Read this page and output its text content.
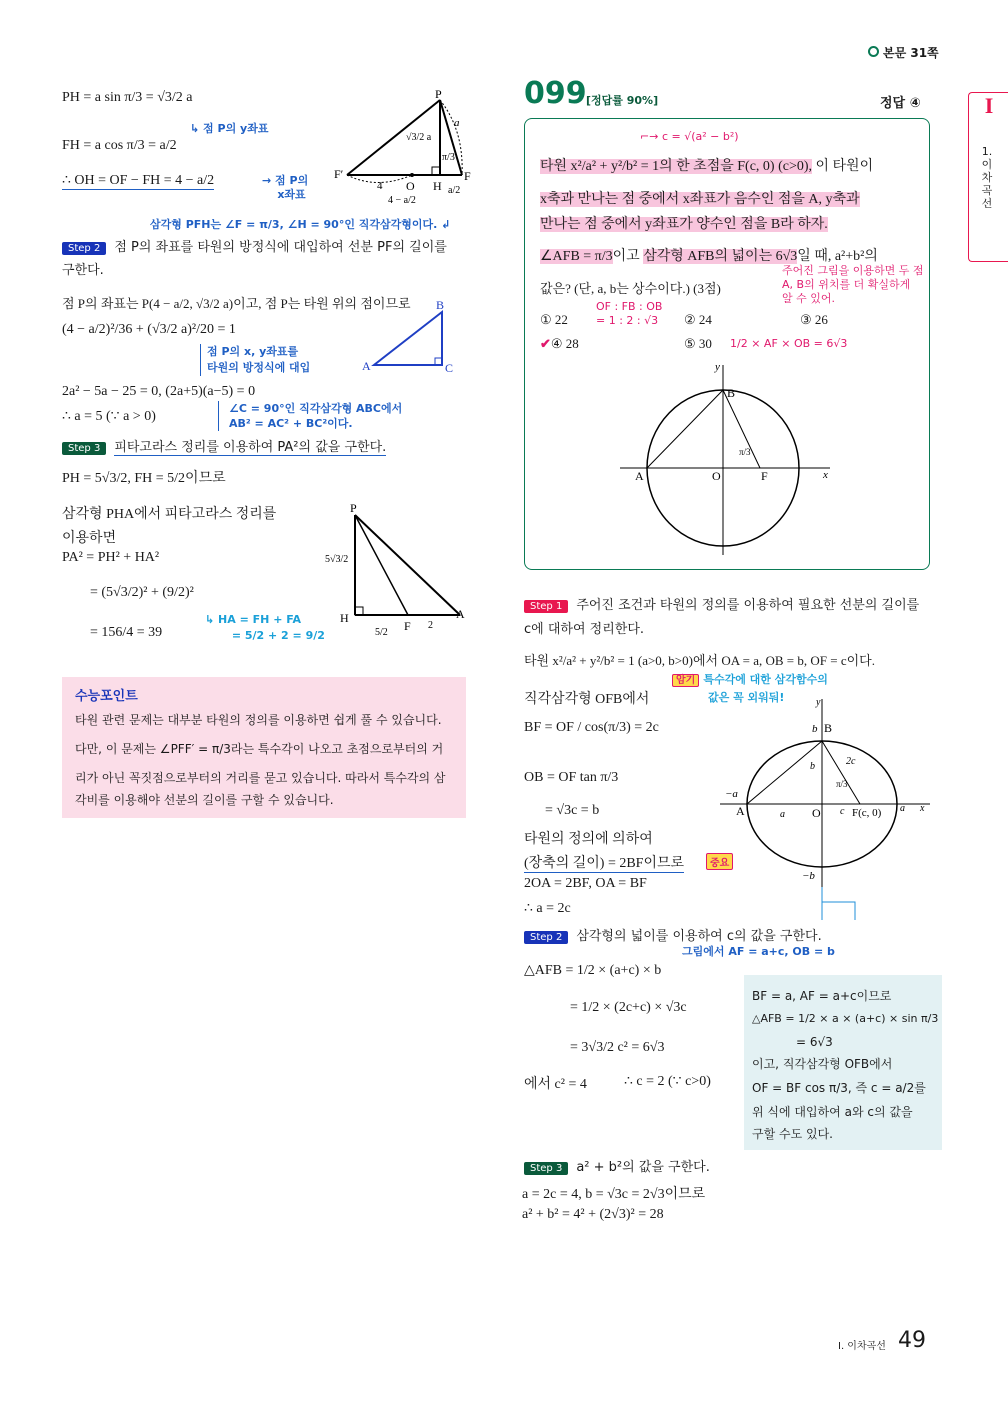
본문 31쪽
I
1. 이차곡선
PH = a sin π/3 = √3/2 a
↳ 점 P의 y좌표
FH = a cos π/3 = a/2
∴ OH = OF − FH = 4 − a/2	→ 점 P의
x좌표
P
F′	F
O H
4
a
√3/2 a
π/3
a/2
4 − a/2
삼각형 PFH는 ∠F = π/3, ∠H = 90°인 직각삼각형이다. ↲
Step 2 점 P의 좌표를 타원의 방정식에 대입하여 선분 PF의 길이를
구한다.
점 P의 좌표는 P(4 − a/2, √3/2 a)이고, 점 P는 타원 위의 점이므로
(4 − a/2)²/36 + (√3/2 a)²/20 = 1
점 P의 x, y좌표를
타원의 방정식에 대입	A
B
C
2a² − 5a − 25 = 0, (2a+5)(a−5) = 0
∴ a = 5 (∵ a > 0)
∠C = 90°인 직각삼각형 ABC에서
AB² = AC² + BC²이다.
Step 3 피타고라스 정리를 이용하여 PA²의 값을 구한다.
PH = 5√3/2, FH = 5/2이므로
삼각형 PHA에서 피타고라스 정리를
이용하면
PA² = PH² + HA²
= (5√3/2)² + (9/2)²
= 156/4 = 39
↳ HA = FH + FA
= 5/2 + 2 = 9/2
P
H
F
A
5√3/2
5/2
2
수능포인트
타원 관련 문제는 대부분 타원의 정의를 이용하면 쉽게 풀 수 있습니다.
다만, 이 문제는 ∠PFF′ = π/3라는 특수각이 나오고 초점으로부터의 거
리가 아닌 꼭짓점으로부터의 거리를 묻고 있습니다. 따라서 특수각의 삼
각비를 이용해야 선분의 길이를 구할 수 있습니다.
099 [정답률 90%]	정답 ④
⌐→ c = √(a² − b²)
타원 x²/a² + y²/b² = 1의 한 초점을 F(c, 0) (c>0), 이 타원이
x축과 만나는 점 중에서 x좌표가 음수인 점을 A, y축과
만나는 점 중에서 y좌표가 양수인 점을 B라 하자.
∠AFB = π/3이고 삼각형 AFB의 넓이는 6√3일 때, a²+b²의
값은? (단, a, b는 상수이다.) (3점)
주어진 그림을 이용하면 두 점 A, B의 위치를 더 확실하게 알 수 있어.
OF : FB : OB
= 1 : 2 : √3
① 22	② 24	③ 26
✔④ 28	⑤ 30 1/2 × AF × OB = 6√3
y
x
A
B
O	F
π/3
Step 1 주어진 조건과 타원의 정의를 이용하여 필요한 선분의 길이를
c에 대하여 정리한다.
타원 x²/a² + y²/b² = 1 (a>0, b>0)에서 OA = a, OB = b, OF = c이다.
직각삼각형 OFB에서
BF = OF / cos(π/3) = 2c
OB = OF tan π/3
= √3c = b
타원의 정의에 의하여
(장축의 길이) = 2BF이므로	중요
2OA = 2BF, OA = BF
∴ a = 2c
암기 특수각에 대한 삼각함수의
값은 꼭 외워둬!	y
x
b B
−a
A	a O c F(c, 0) a
−b
b	2c
π/3
Step 2 삼각형의 넓이를 이용하여 c의 값을 구한다.
그림에서 AF = a+c, OB = b
△AFB = 1/2 × (a+c) × b
= 1/2 × (2c+c) × √3c
= 3√3/2 c² = 6√3
에서 c² = 4	∴ c = 2 (∵ c>0)
BF = a, AF = a+c이므로
△AFB = 1/2 × a × (a+c) × sin π/3
= 6√3
이고, 직각삼각형 OFB에서
OF = BF cos π/3, 즉 c = a/2를
위 식에 대입하여 a와 c의 값을
구할 수도 있다.
Step 3 a² + b²의 값을 구한다.
a = 2c = 4, b = √3c = 2√3이므로
a² + b² = 4² + (2√3)² = 28
I. 이차곡선 49
